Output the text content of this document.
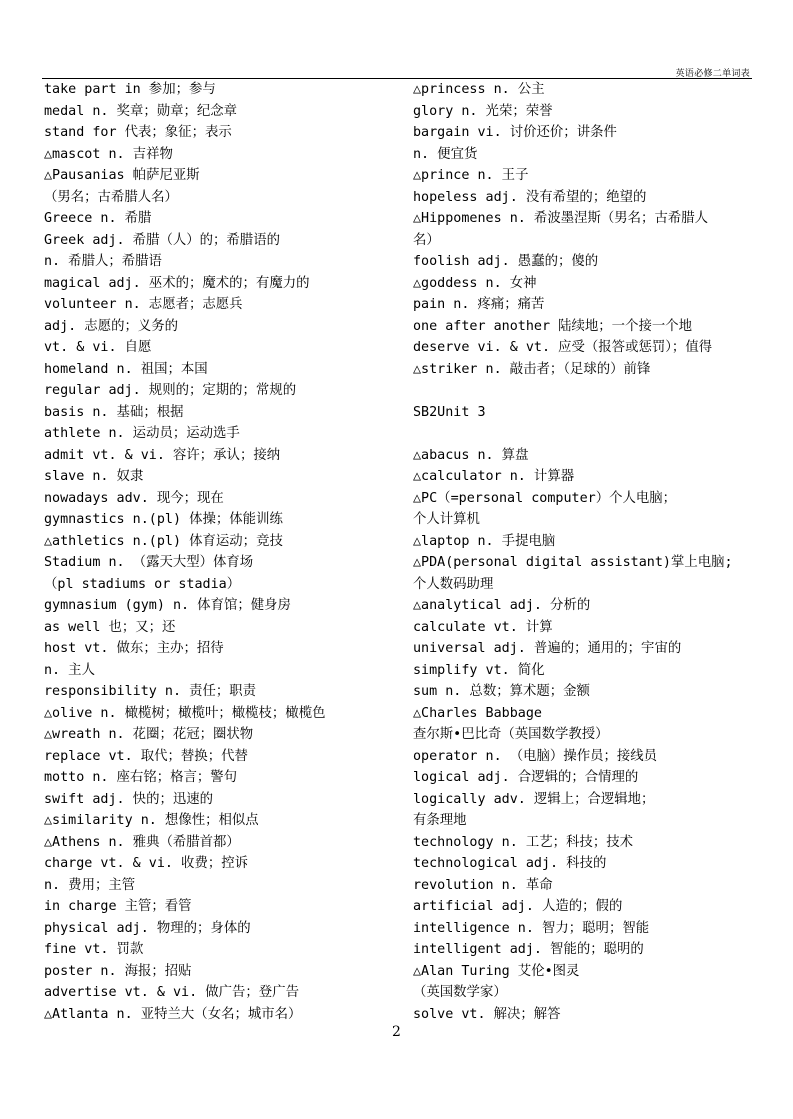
英语必修二单词表
take part in 参加；参与
medal n. 奖章；勋章；纪念章
stand for 代表；象征；表示
△mascot n. 吉祥物
△Pausanias 帕萨尼亚斯
（男名；古希腊人名）
Greece n. 希腊
Greek adj. 希腊（人）的；希腊语的
n. 希腊人；希腊语
magical adj. 巫术的；魔术的；有魔力的
volunteer n. 志愿者；志愿兵
adj. 志愿的；义务的
vt. & vi. 自愿
homeland n. 祖国；本国
regular adj. 规则的；定期的；常规的
basis n. 基础；根据
athlete n. 运动员；运动选手
admit vt. & vi. 容许；承认；接纳
slave n. 奴隶
nowadays adv. 现今；现在
gymnastics n.(pl) 体操；体能训练
△athletics n.(pl) 体育运动；竞技
Stadium n. （露天大型）体育场
（pl stadiums or stadia）
gymnasium (gym) n. 体育馆；健身房
as well 也；又；还
host vt. 做东；主办；招待
n. 主人
responsibility n. 责任；职责
△olive n. 橄榄树；橄榄叶；橄榄枝；橄榄色
△wreath n. 花圈；花冠；圈状物
replace vt. 取代；替换；代替
motto n. 座右铭；格言；警句
swift adj. 快的；迅速的
△similarity n. 想像性；相似点
△Athens n. 雅典（希腊首都）
charge vt. & vi. 收费；控诉
n. 费用；主管
in charge 主管；看管
physical adj. 物理的；身体的
fine vt. 罚款
poster n. 海报；招贴
advertise vt. & vi. 做广告；登广告
△Atlanta n. 亚特兰大（女名；城市名）
△princess n. 公主
glory n. 光荣；荣誉
bargain vi. 讨价还价；讲条件
n. 便宜货
△prince n. 王子
hopeless adj. 没有希望的；绝望的
△Hippomenes n. 希波墨涅斯（男名；古希腊人
名）
foolish adj. 愚蠢的；傻的
△goddess n. 女神
pain n. 疼痛；痛苦
one after another 陆续地；一个接一个地
deserve vi. & vt. 应受（报答或惩罚）；值得
△striker n. 敲击者；（足球的）前锋
SB2Unit 3
△abacus n. 算盘
△calculator n. 计算器
△PC（=personal computer）个人电脑；
个人计算机
△laptop n. 手提电脑
△PDA(personal digital assistant)掌上电脑;
个人数码助理
△analytical adj. 分析的
calculate vt. 计算
universal adj. 普遍的；通用的；宇宙的
simplify vt. 简化
sum n. 总数；算术题；金额
△Charles Babbage
查尔斯•巴比奇（英国数学教授）
operator n. （电脑）操作员；接线员
logical adj. 合逻辑的；合情理的
logically adv. 逻辑上；合逻辑地；
有条理地
technology n. 工艺；科技；技术
technological adj. 科技的
revolution n. 革命
artificial adj. 人造的；假的
intelligence n. 智力；聪明；智能
intelligent adj. 智能的；聪明的
△Alan Turing 艾伦•图灵
（英国数学家）
solve vt. 解决；解答
2
